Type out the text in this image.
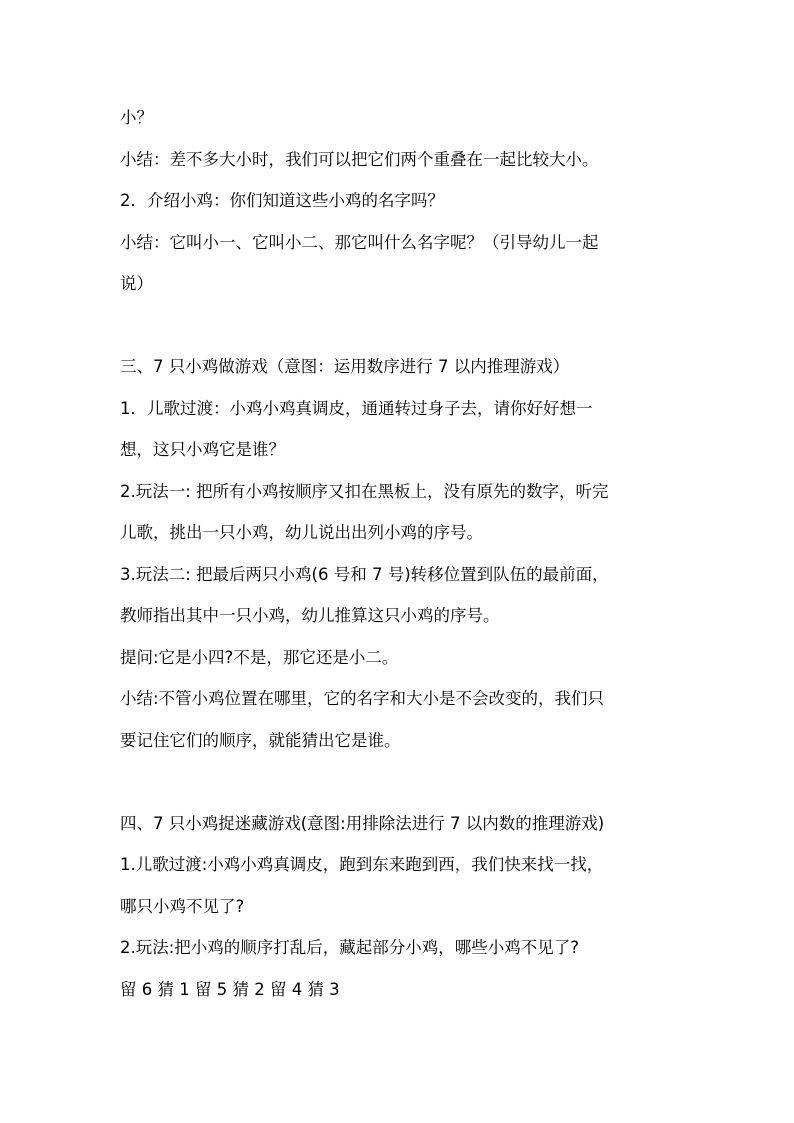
小？
小结：差不多大小时，我们可以把它们两个重叠在一起比较大小。
2．介绍小鸡：你们知道这些小鸡的名字吗？
小结：它叫小一、它叫小二、那它叫什么名字呢？（引导幼儿一起
说）
三、7 只小鸡做游戏（意图：运用数序进行 7 以内推理游戏）
1．儿歌过渡：小鸡小鸡真调皮，通通转过身子去，请你好好想一
想，这只小鸡它是谁？
2.玩法一: 把所有小鸡按顺序又扣在黑板上，没有原先的数字，听完
儿歌，挑出一只小鸡，幼儿说出出列小鸡的序号。
3.玩法二: 把最后两只小鸡(6 号和 7 号)转移位置到队伍的最前面，
教师指出其中一只小鸡，幼儿推算这只小鸡的序号。
提问:它是小四?不是，那它还是小二。
小结:不管小鸡位置在哪里，它的名字和大小是不会改变的，我们只
要记住它们的顺序，就能猜出它是谁。
四、7 只小鸡捉迷藏游戏(意图:用排除法进行 7 以内数的推理游戏)
1.儿歌过渡:小鸡小鸡真调皮，跑到东来跑到西，我们快来找一找，
哪只小鸡不见了?
2.玩法:把小鸡的顺序打乱后，藏起部分小鸡，哪些小鸡不见了?
留 6 猜 1 留 5 猜 2 留 4 猜 3
